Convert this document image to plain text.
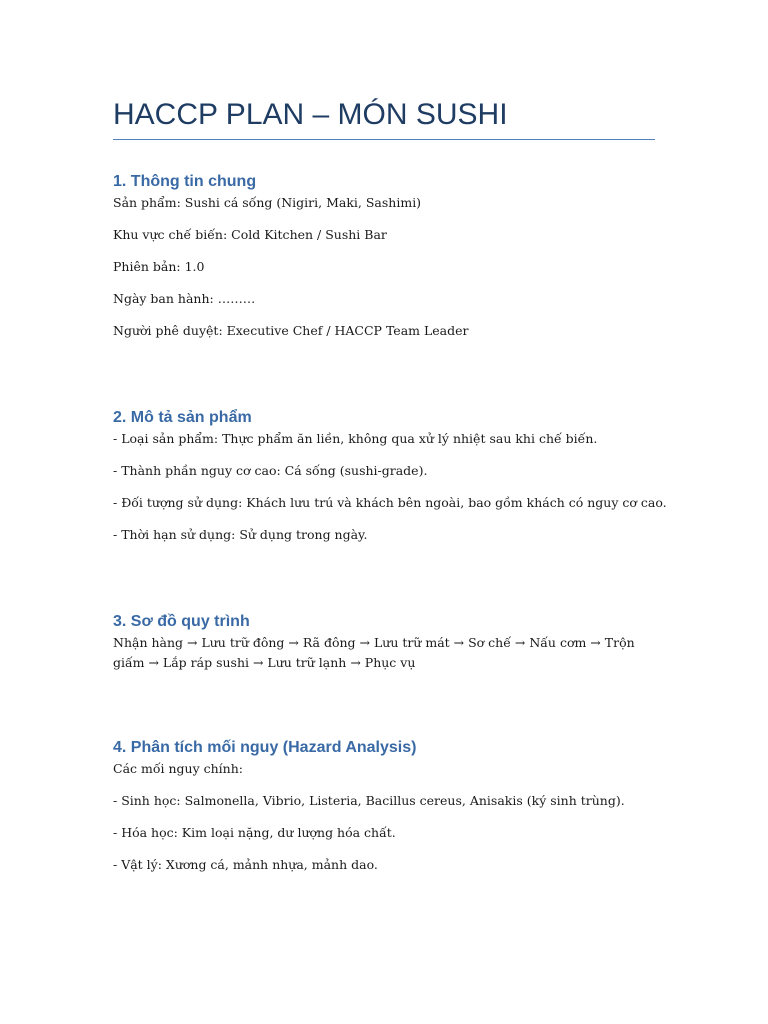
HACCP PLAN – MÓN SUSHI
1. Thông tin chung

Sản phẩm: Sushi cá sống (Nigiri, Maki, Sashimi)

Khu vực chế biến: Cold Kitchen / Sushi Bar

Phiên bản: 1.0

Ngày ban hành: ………

Người phê duyệt: Executive Chef / HACCP Team Leader

2. Mô tả sản phẩm

- Loại sản phẩm: Thực phẩm ăn liền, không qua xử lý nhiệt sau khi chế biến.

- Thành phần nguy cơ cao: Cá sống (sushi-grade).

- Đối tượng sử dụng: Khách lưu trú và khách bên ngoài, bao gồm khách có nguy cơ cao.

- Thời hạn sử dụng: Sử dụng trong ngày.

3. Sơ đồ quy trình

Nhận hàng → Lưu trữ đông → Rã đông → Lưu trữ mát → Sơ chế → Nấu cơm → Trộn giấm → Lắp ráp sushi → Lưu trữ lạnh → Phục vụ

4. Phân tích mối nguy (Hazard Analysis)

Các mối nguy chính:

- Sinh học: Salmonella, Vibrio, Listeria, Bacillus cereus, Anisakis (ký sinh trùng).

- Hóa học: Kim loại nặng, dư lượng hóa chất.

- Vật lý: Xương cá, mảnh nhựa, mảnh dao.
